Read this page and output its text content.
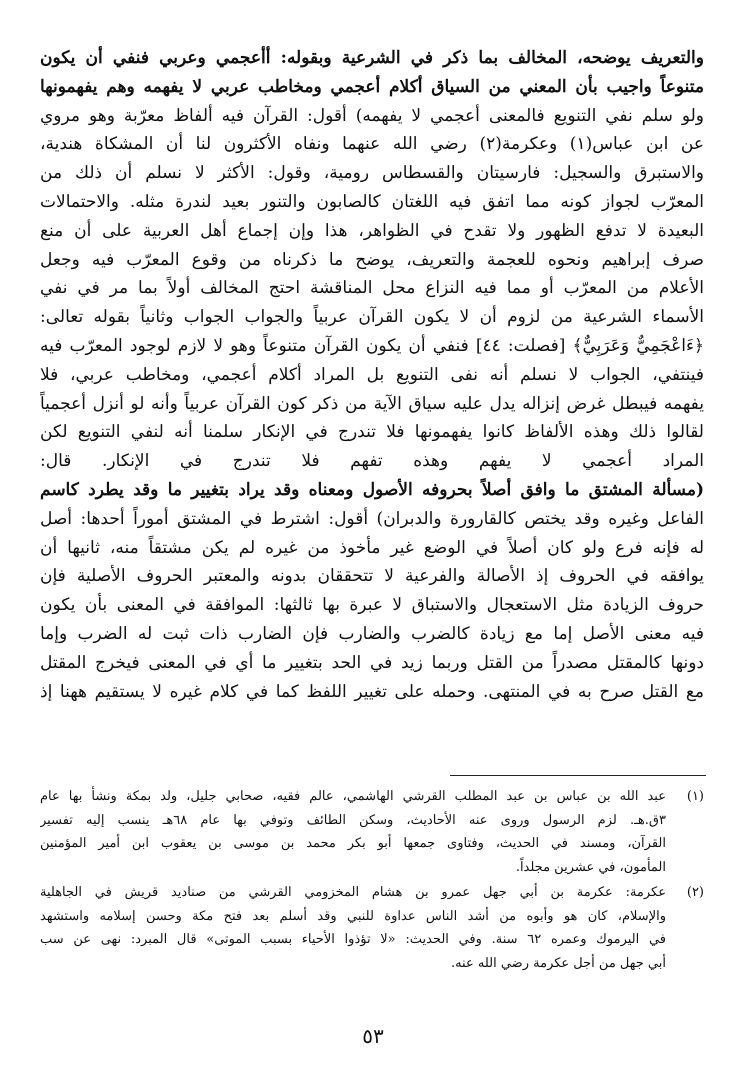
والتعريف يوضحه، المخالف بما ذكر في الشرعية وبقوله: أأعجمي وعربي فنفي أن يكون
متنوعاً واجيب بأن المعني من السياق أكلام أعجمي ومخاطب عربي لا يفهمه وهم يفهمونها
ولو سلم نفي التنويع فالمعنى أعجمي لا يفهمه) أقول: القرآن فيه ألفاظ معرّبة وهو مروي
عن ابن عباس(١) وعكرمة(٢) رضي الله عنهما ونفاه الأكثرون لنا أن المشكاة هندية،
والاستبرق والسجيل: فارسيتان والقسطاس رومية، وقول: الأكثر لا نسلم أن ذلك من
المعرّب لجواز كونه مما اتفق فيه اللغتان كالصابون والتنور بعيد لندرة مثله. والاحتمالات
البعيدة لا تدفع الظهور ولا تقدح في الظواهر، هذا وإن إجماع أهل العربية على أن منع
صرف إبراهيم ونحوه للعجمة والتعريف، يوضح ما ذكرناه من وقوع المعرّب فيه وجعل
الأعلام من المعرّب أو مما فيه النزاع محل المناقشة احتج المخالف أولاً بما مر في نفي
الأسماء الشرعية من لزوم أن لا يكون القرآن عربياً والجواب الجواب وثانياً بقوله تعالى:
﴿ءَاعْجَمِيٌّ وَعَرَبِيٌّ﴾ [فصلت: ٤٤] فنفي أن يكون القرآن متنوعاً وهو لا لازم لوجود المعرّب فيه
فينتفي، الجواب لا نسلم أنه نفى التنويع بل المراد أكلام أعجمي، ومخاطب عربي، فلا
يفهمه فيبطل غرض إنزاله يدل عليه سياق الآية من ذكر كون القرآن عربياً وأنه لو أنزل أعجمياً
لقالوا ذلك وهذه الألفاظ كانوا يفهمونها فلا تندرج في الإنكار سلمنا أنه لنفي التنويع لكن
المراد أعجمي لا يفهم وهذه تفهم فلا تندرج في الإنكار. قال:
(مسألة المشتق ما وافق أصلاً بحروفه الأصول ومعناه وقد يراد بتغيير ما وقد يطرد كاسم
الفاعل وغيره وقد يختص كالقارورة والدبران) أقول: اشترط في المشتق أموراً أحدها: أصل
له فإنه فرع ولو كان أصلاً في الوضع غير مأخوذ من غيره لم يكن مشتقاً منه، ثانيها أن
يوافقه في الحروف إذ الأصالة والفرعية لا تتحققان بدونه والمعتبر الحروف الأصلية فإن
حروف الزيادة مثل الاستعجال والاستباق لا عبرة بها ثالثها: الموافقة في المعنى بأن يكون
فيه معنى الأصل إما مع زيادة كالضرب والضارب فإن الضارب ذات ثبت له الضرب وإما
دونها كالمقتل مصدراً من القتل وربما زيد في الحد بتغيير ما أي في المعنى فيخرج المقتل
مع القتل صرح به في المنتهى. وحمله على تغيير اللفظ كما في كلام غيره لا يستقيم ههنا إذ
(١)
عبد الله بن عباس بن عبد المطلب القرشي الهاشمي، عالم فقيه، صحابي جليل، ولد بمكة ونشأ بها عام
٣ق.هـ. لزم الرسول وروى عنه الأحاديث، وسكن الطائف وتوفي بها عام ٦٨هـ ينسب إليه تفسير
القرآن، ومسند في الحديث، وفتاوى جمعها أبو بكر محمد بن موسى بن يعقوب ابن أمير المؤمنين
المأمون، في عشرين مجلداً.
(٢)
عكرمة: عكرمة بن أبي جهل عمرو بن هشام المخزومي القرشي من صناديد قريش في الجاهلية
والإسلام، كان هو وأبوه من أشد الناس عداوة للنبي وقد أسلم بعد فتح مكة وحسن إسلامه واستشهد
في اليرموك وعمره ٦٢ سنة. وفي الحديث: «لا تؤذوا الأحياء بسبب الموتى» قال المبرد: نهى عن سب
أبي جهل من أجل عكرمة رضي الله عنه.
٥٣
